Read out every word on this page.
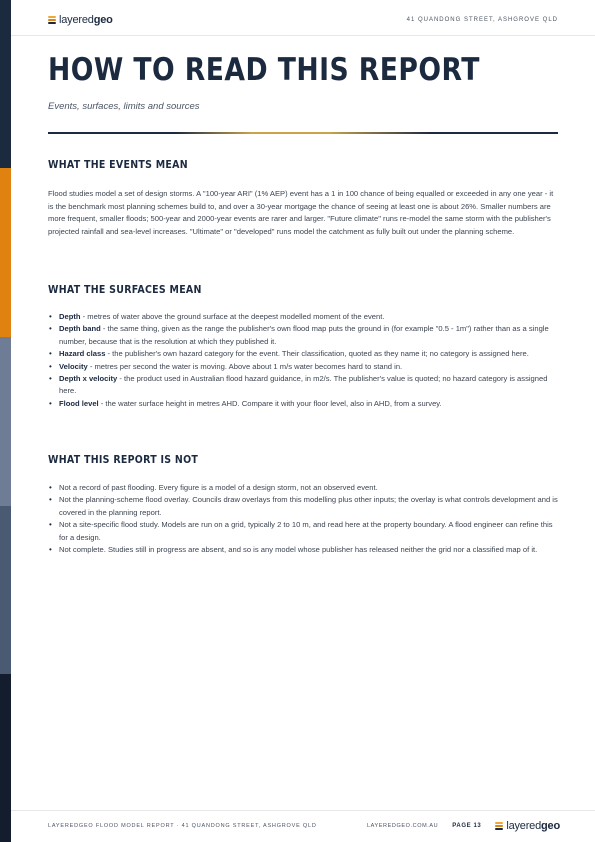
layeredgeo	41 QUANDONG STREET, ASHGROVE QLD
HOW TO READ THIS REPORT
Events, surfaces, limits and sources
WHAT THE EVENTS MEAN

Flood studies model a set of design storms. A "100-year ARI" (1% AEP) event has a 1 in 100 chance of being equalled or exceeded in any one year - it is the benchmark most planning schemes build to, and over a 30-year mortgage the chance of seeing at least one is about 26%. Smaller numbers are more frequent, smaller floods; 500-year and 2000-year events are rarer and larger. "Future climate" runs re-model the same storm with the publisher's projected rainfall and sea-level increases. "Ultimate" or "developed" runs model the catchment as fully built out under the planning scheme.

WHAT THE SURFACES MEAN
• Depth - metres of water above the ground surface at the deepest modelled moment of the event.
• Depth band - the same thing, given as the range the publisher's own flood map puts the ground in (for example "0.5 - 1m") rather than as a single number, because that is the resolution at which they published it.
• Hazard class - the publisher's own hazard category for the event. Their classification, quoted as they name it; no category is assigned here.
• Velocity - metres per second the water is moving. Above about 1 m/s water becomes hard to stand in.
• Depth x velocity - the product used in Australian flood hazard guidance, in m2/s. The publisher's value is quoted; no hazard category is assigned here.
• Flood level - the water surface height in metres AHD. Compare it with your floor level, also in AHD, from a survey.
WHAT THIS REPORT IS NOT
• Not a record of past flooding. Every figure is a model of a design storm, not an observed event.
• Not the planning-scheme flood overlay. Councils draw overlays from this modelling plus other inputs; the overlay is what controls development and is covered in the planning report.
• Not a site-specific flood study. Models are run on a grid, typically 2 to 10 m, and read here at the property boundary. A flood engineer can refine this for a design.
• Not complete. Studies still in progress are absent, and so is any model whose publisher has released neither the grid nor a classified map of it.
LAYEREDGEO FLOOD MODEL REPORT · 41 QUANDONG STREET, ASHGROVE QLD	LAYEREDGEO.COM.AU PAGE 13 layeredgeo
